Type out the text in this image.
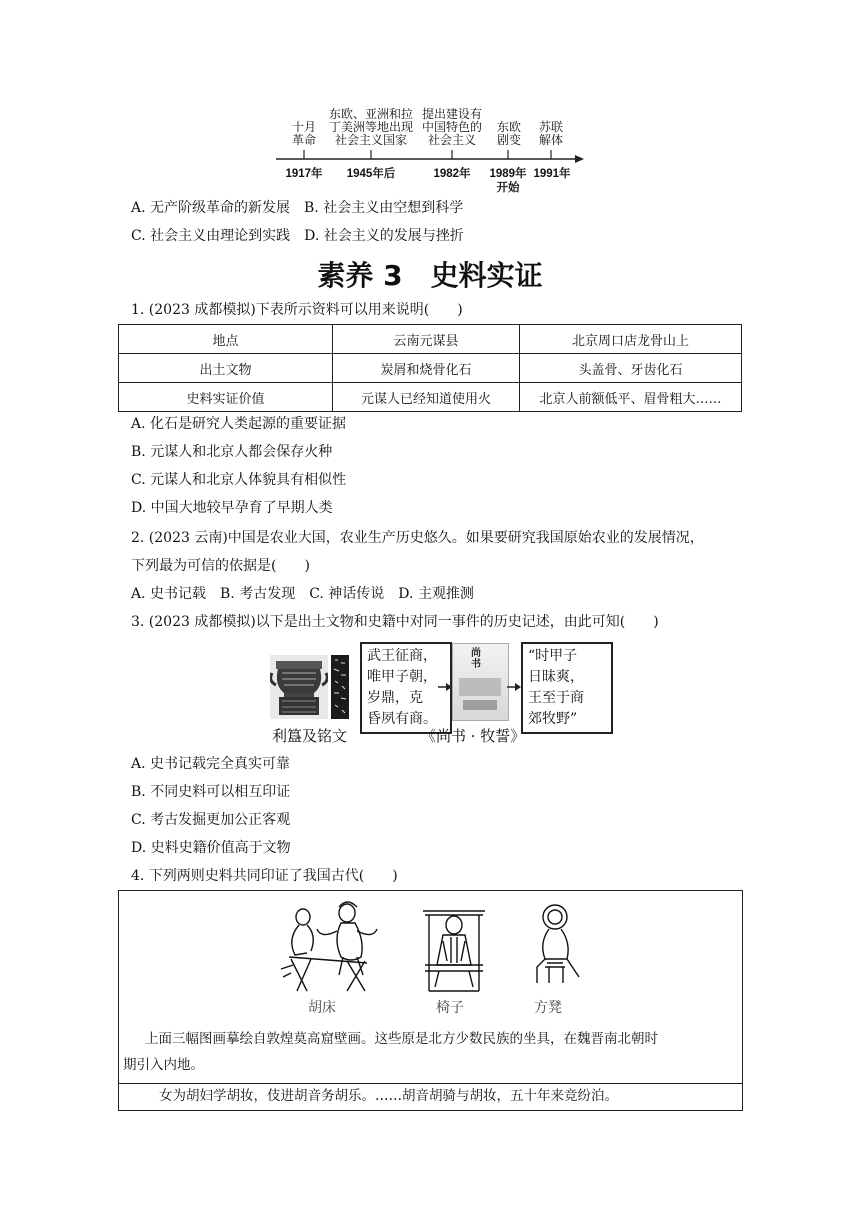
十月
革命
东欧、亚洲和拉
丁美洲等地出现
社会主义国家
提出建设有
中国特色的
社会主义
东欧
剧变
苏联
解体
1917年	1945年后	1982年	1989年
开始
1991年
A. 无产阶级革命的新发展　B. 社会主义由空想到科学
C. 社会主义由理论到实践　D. 社会主义的发展与挫折
素养 3　史料实证
1. (2023 成都模拟)下表所示资料可以用来说明(　　)
地点	云南元谋县	北京周口店龙骨山上
出土文物	炭屑和烧骨化石	头盖骨、牙齿化石
史料实证价值	元谋人已经知道使用火	北京人前额低平、眉骨粗大……
A. 化石是研究人类起源的重要证据
B. 元谋人和北京人都会保存火种
C. 元谋人和北京人体貌具有相似性
D. 中国大地较早孕育了早期人类
2. (2023 云南)中国是农业大国，农业生产历史悠久。如果要研究我国原始农业的发展情况，
下列最为可信的依据是(　　)
A. 史书记载　B. 考古发现　C. 神话传说　D. 主观推测
3. (2023 成都模拟)以下是出土文物和史籍中对同一事件的历史记述，由此可知(　　)
武王征商，
唯甲子朝，
岁鼎，克
昏夙有商。
尚书
“时甲子
日昧爽，
王至于商
郊牧野”
利簋及铭文	《尚书 · 牧誓》
A. 史书记载完全真实可靠
B. 不同史料可以相互印证
C. 考古发掘更加公正客观
D. 史料史籍价值高于文物
4. 下列两则史料共同印证了我国古代(　　)
胡床	椅子	方凳
上面三幅图画摹绘自敦煌莫高窟壁画。这些原是北方少数民族的坐具，在魏晋南北朝时
期引入内地。
女为胡妇学胡妆，伎进胡音务胡乐。……胡音胡骑与胡妆，五十年来竞纷泊。
